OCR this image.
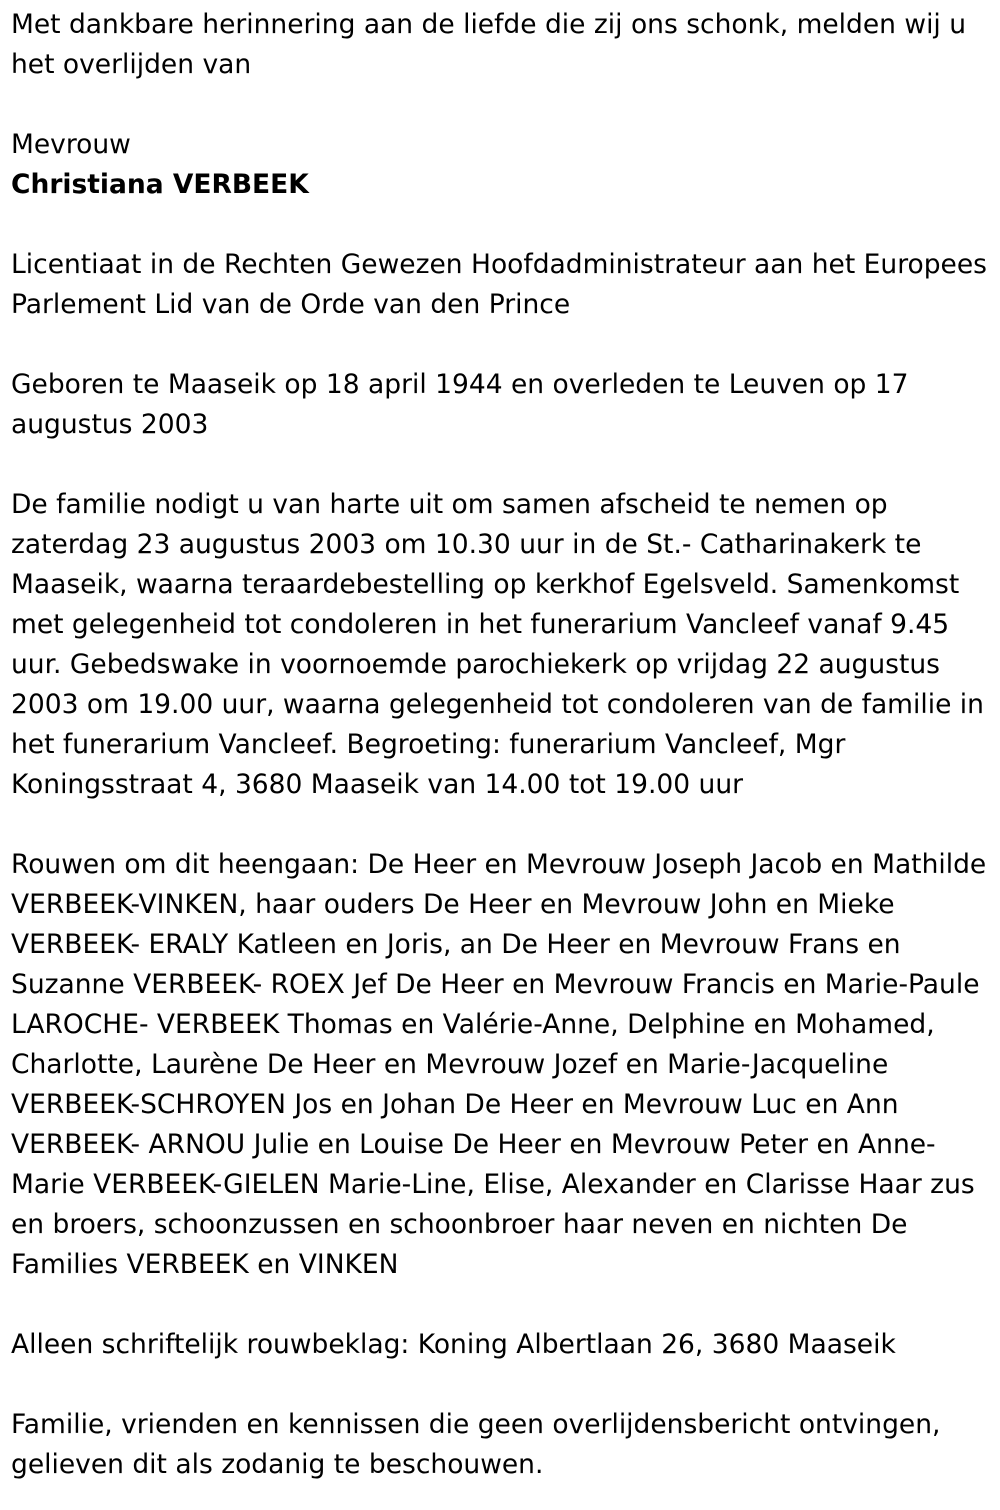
Met dankbare herinnering aan de liefde die zij ons schonk, melden wij u het overlijden van

Mevrouw

Christiana VERBEEK

Licentiaat in de Rechten Gewezen Hoofdadministrateur aan het Europees Parlement Lid van de Orde van den Prince

Geboren te Maaseik op 18 april 1944 en overleden te Leuven op 17 augustus 2003

De familie nodigt u van harte uit om samen afscheid te nemen op zaterdag 23 augustus 2003 om 10.30 uur in de St.- Catharinakerk te Maaseik, waarna teraardebestelling op kerkhof Egelsveld. Samenkomst met gelegenheid tot condoleren in het funerarium Vancleef vanaf 9.45 uur. Gebedswake in voornoemde parochiekerk op vrijdag 22 augustus 2003 om 19.00 uur, waarna gelegenheid tot condoleren van de familie in het funerarium Vancleef. Begroeting: funerarium Vancleef, Mgr Koningsstraat 4, 3680 Maaseik van 14.00 tot 19.00 uur

Rouwen om dit heengaan: De Heer en Mevrouw Joseph Jacob en Mathilde VERBEEK-VINKEN, haar ouders De Heer en Mevrouw John en Mieke VERBEEK- ERALY Katleen en Joris, an De Heer en Mevrouw Frans en Suzanne VERBEEK- ROEX Jef De Heer en Mevrouw Francis en Marie-Paule LAROCHE- VERBEEK Thomas en Valérie-Anne, Delphine en Mohamed, Charlotte, Laurène De Heer en Mevrouw Jozef en Marie-Jacqueline VERBEEK-SCHROYEN Jos en Johan De Heer en Mevrouw Luc en Ann VERBEEK- ARNOU Julie en Louise De Heer en Mevrouw Peter en Anne-Marie VERBEEK-GIELEN Marie-Line, Elise, Alexander en Clarisse Haar zus en broers, schoonzussen en schoonbroer haar neven en nichten De Families VERBEEK en VINKEN

Alleen schriftelijk rouwbeklag: Koning Albertlaan 26, 3680 Maaseik

Familie, vrienden en kennissen die geen overlijdensbericht ontvingen, gelieven dit als zodanig te beschouwen.
